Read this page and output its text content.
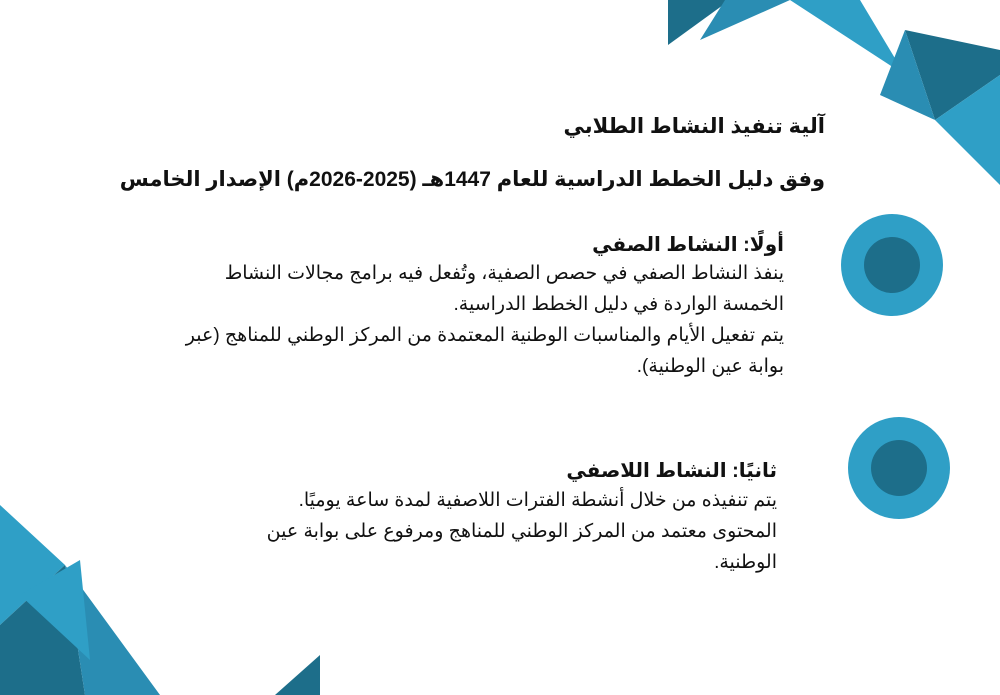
آلية تنفيذ النشاط الطلابي
وفق دليل الخطط الدراسية للعام 1447هـ (2025-2026م) الإصدار الخامس
أولًا: النشاط الصفي
ينفذ النشاط الصفي في حصص الصفية، وتُفعل فيه برامج مجالات النشاط
الخمسة الواردة في دليل الخطط الدراسية.
يتم تفعيل الأيام والمناسبات الوطنية المعتمدة من المركز الوطني للمناهج (عبر
بوابة عين الوطنية).
ثانيًا: النشاط اللاصفي
يتم تنفيذه من خلال أنشطة الفترات اللاصفية لمدة ساعة يوميًا.
المحتوى معتمد من المركز الوطني للمناهج ومرفوع على بوابة عين
الوطنية.
